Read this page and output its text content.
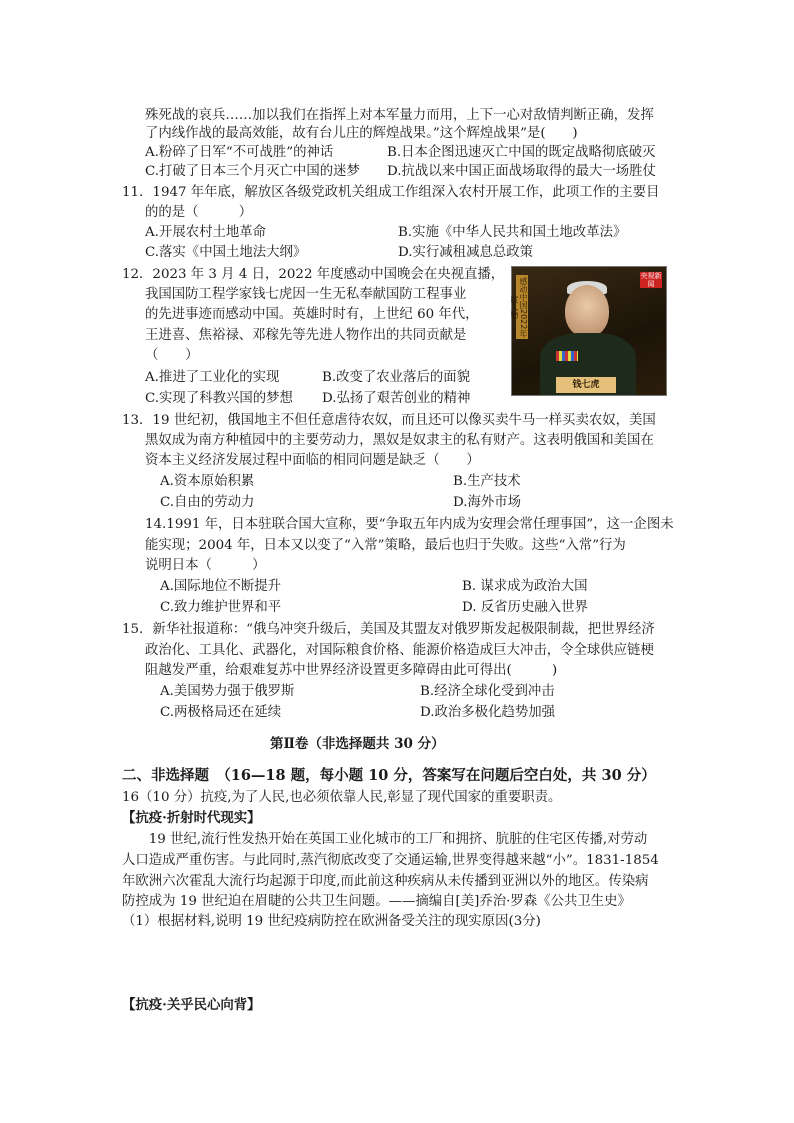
殊死战的哀兵……加以我们在指挥上对本军量力而用，上下一心对敌情判断正确，发挥
了内线作战的最高效能，故有台儿庄的辉煌战果。”这个辉煌战果”是(　　)
A.粉碎了日军“不可战胜”的神话	B.日本企图迅速灭亡中国的既定战略彻底破灭
C.打破了日本三个月灭亡中国的迷梦 D.抗战以来中国正面战场取得的最大一场胜仗
11．1947 年年底，解放区各级党政机关组成工作组深入农村开展工作，此项工作的主要目
的的是（　　　）
A.开展农村土地革命	B.实施《中华人民共和国土地改革法》
C.落实《中国土地法大纲》	D.实行减租减息总政策
12．2023 年 3 月 4 日，2022 年度感动中国晚会在央视直播，
我国国防工程学家钱七虎因一生无私奉献国防工程事业
的先进事迹而感动中国。英雄时时有，上世纪 60 年代，
王进喜、焦裕禄、邓稼先等先进人物作出的共同贡献是
（　　）
A.推进了工业化的实现	B.改变了农业落后的面貌
C.实现了科教兴国的梦想 D.弘扬了艰苦创业的精神
感动中国2022年度人物
央视新闻
钱七虎
13．19 世纪初，俄国地主不但任意虐待农奴，而且还可以像买卖牛马一样买卖农奴，美国
黑奴成为南方种植园中的主要劳动力，黑奴是奴隶主的私有财产。这表明俄国和美国在
资本主义经济发展过程中面临的相同问题是缺乏（　　）
A.资本原始积累	B.生产技术
C.自由的劳动力	D.海外市场
14.1991 年，日本驻联合国大宣称，要“争取五年内成为安理会常任理事国”，这一企图未
能实现；2004 年，日本又以变了“入常”策略，最后也归于失败。这些“入常”行为
说明日本（　　　）
A.国际地位不断提升	B. 谋求成为政治大国
C.致力维护世界和平	D. 反省历史融入世界
15．新华社报道称：“俄乌冲突升级后，美国及其盟友对俄罗斯发起极限制裁，把世界经济
政治化、工具化、武器化，对国际粮食价格、能源价格造成巨大冲击，令全球供应链梗
阻越发严重，给艰难复苏中世界经济设置更多障碍由此可得出(　　　)
A.美国势力强于俄罗斯	B.经济全球化受到冲击
C.两极格局还在延续	D.政治多极化趋势加强
第Ⅱ卷（非选择题共 30 分）
二、非选择题　（16—18 题，每小题 10 分，答案写在问题后空白处，共 30 分）
16（10 分）抗疫,为了人民,也必须依靠人民,彰显了现代国家的重要职责。
【抗疫·折射时代现实】
　　19 世纪,流行性发热开始在英国工业化城市的工厂和拥挤、肮脏的住宅区传播,对劳动
人口造成严重伤害。与此同时,蒸汽彻底改变了交通运输,世界变得越来越“小”。1831-1854
年欧洲六次霍乱大流行均起源于印度,而此前这种疾病从未传播到亚洲以外的地区。传染病
防控成为 19 世纪迫在眉睫的公共卫生问题。——摘编自[美]乔治·罗森《公共卫生史》
（1）根据材料,说明 19 世纪疫病防控在欧洲备受关注的现实原因(3分)
【抗疫·关乎民心向背】
